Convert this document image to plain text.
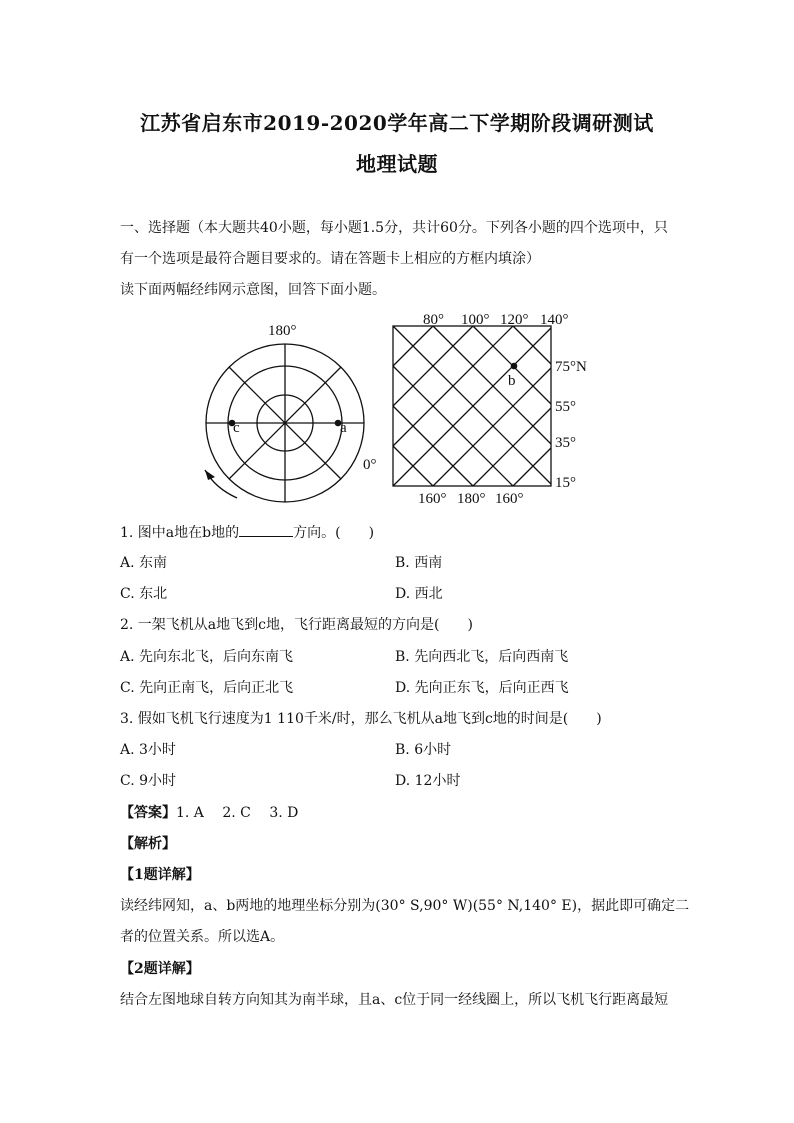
江苏省启东市2019-2020学年高二下学期阶段调研测试
地理试题
一、选择题（本大题共40小题，每小题1.5分，共计60分。下列各小题的四个选项中，只
有一个选项是最符合题目要求的。请在答题卡上相应的方框内填涂）
读下面两幅经纬网示意图，回答下面小题。
180°
0°
c	a
b
80° 100° 120° 140°
75°N
55°
35°
15°
160° 180° 160°
1. 图中a地在b地的	方向。(　　)
A. 东南	B. 西南
C. 东北	D. 西北
2. 一架飞机从a地飞到c地，飞行距离最短的方向是(　　)
A. 先向东北飞，后向东南飞	B. 先向西北飞，后向西南飞
C. 先向正南飞，后向正北飞	D. 先向正东飞，后向正西飞
3. 假如飞机飞行速度为1 110千米/时，那么飞机从a地飞到c地的时间是(　　)
A. 3小时	B. 6小时
C. 9小时	D. 12小时
【答案】1. A　 2. C　 3. D
【解析】
【1题详解】
读经纬网知，a、b两地的地理坐标分别为(30° S,90° W)(55° N,140° E)，据此即可确定二
者的位置关系。所以选A。
【2题详解】
结合左图地球自转方向知其为南半球，且a、c位于同一经线圈上，所以飞机飞行距离最短
